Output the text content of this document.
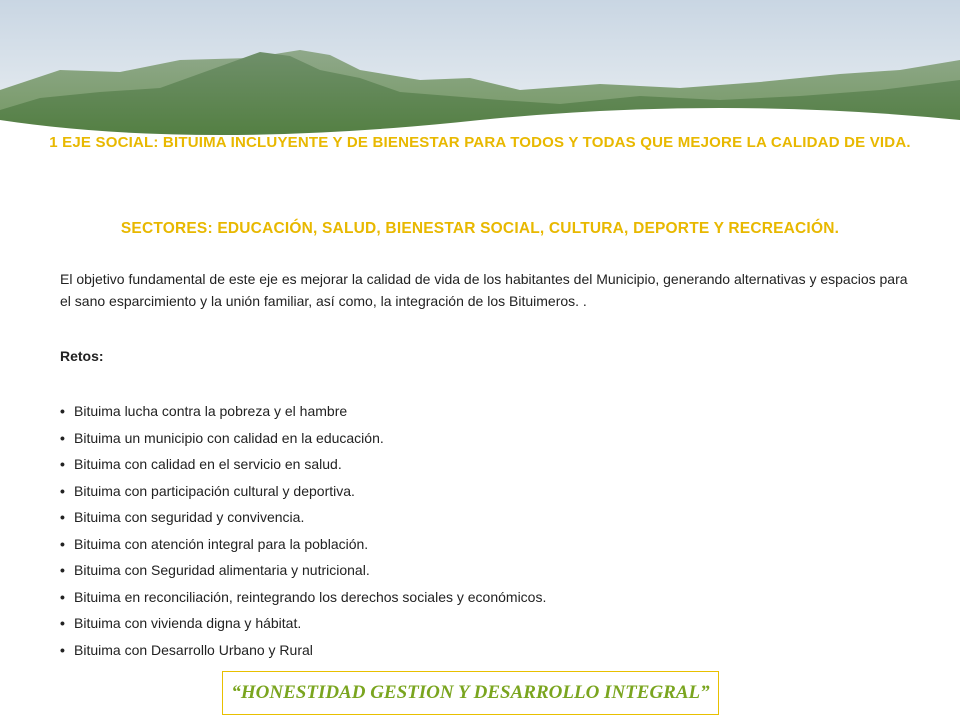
1 EJE SOCIAL: BITUIMA INCLUYENTE Y DE BIENESTAR PARA TODOS Y TODAS QUE MEJORE LA CALIDAD DE VIDA.
SECTORES: EDUCACIÓN, SALUD, BIENESTAR SOCIAL, CULTURA, DEPORTE Y RECREACIÓN.
El objetivo fundamental de este eje es mejorar la calidad de vida de los habitantes del Municipio, generando alternativas y espacios para el sano esparcimiento y la unión familiar, así como, la integración de los Bituimeros. .
Retos:
• Bituima lucha contra la pobreza y el hambre
• Bituima un municipio con calidad en la educación.
• Bituima con calidad en el servicio en salud.
• Bituima con participación cultural y deportiva.
• Bituima con seguridad y convivencia.
• Bituima con atención integral para la población.
• Bituima con Seguridad alimentaria y nutricional.
• Bituima en reconciliación, reintegrando los derechos sociales y económicos.
• Bituima con vivienda digna y hábitat.
• Bituima con Desarrollo Urbano y Rural
“HONESTIDAD GESTION Y DESARROLLO INTEGRAL”
